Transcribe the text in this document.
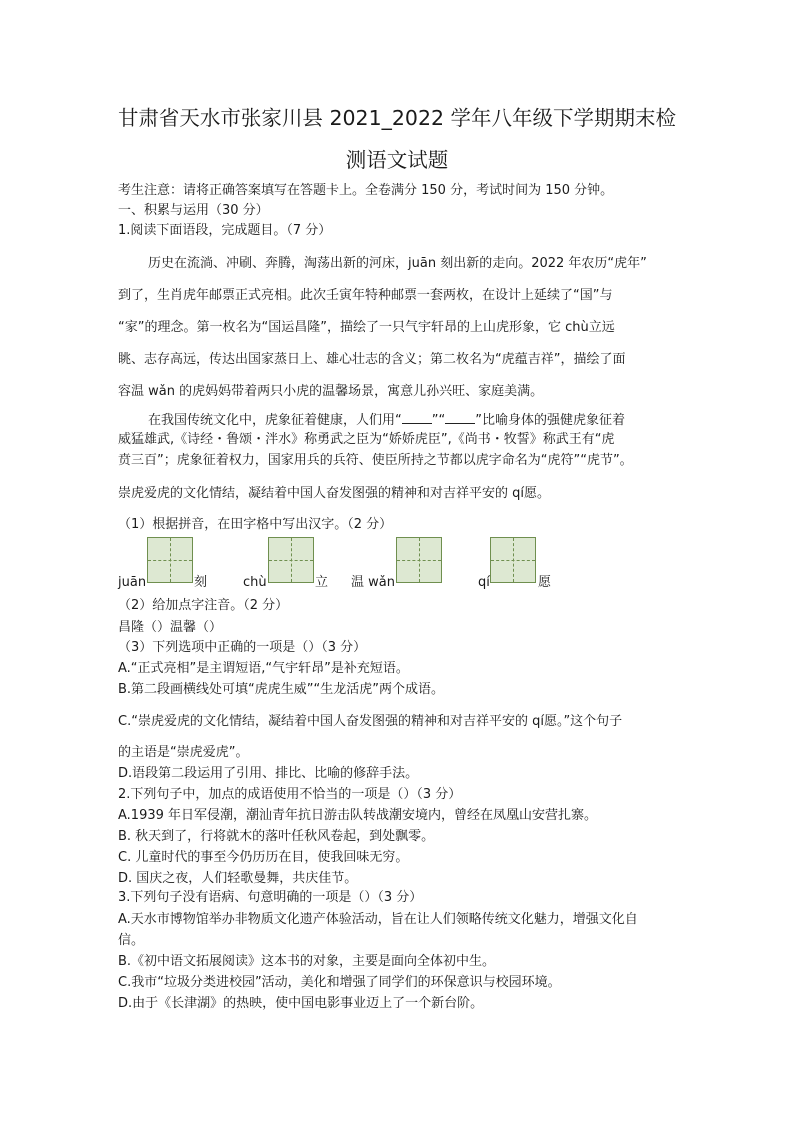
甘肃省天水市张家川县 2021_2022 学年八年级下学期期末检
测语文试题
考生注意：请将正确答案填写在答题卡上。全卷满分 150 分，考试时间为 150 分钟。
一、积累与运用（30 分）
1.阅读下面语段，完成题目。（7 分）
历史在流淌、冲刷、奔腾，淘荡出新的河床，juān 刻出新的走向。2022 年农历“虎年”
到了，生肖虎年邮票正式亮相。此次壬寅年特种邮票一套两枚，在设计上延续了“国”与
“家”的理念。第一枚名为“国运昌隆”，描绘了一只气宇轩昂的上山虎形象，它 chù立远
眺、志存高远，传达出国家蒸日上、雄心壮志的含义；第二枚名为“虎蕴吉祥”，描绘了面
容温 wǎn 的虎妈妈带着两只小虎的温馨场景，寓意儿孙兴旺、家庭美满。
在我国传统文化中，虎象征着健康，人们用“ ”“ ”比喻身体的强健虎象征着
威猛雄武,《诗经・鲁颂・泮水》称勇武之臣为“娇娇虎臣”,《尚书・牧誓》称武王有“虎
贲三百”；虎象征着权力，国家用兵的兵符、使臣所持之节都以虎字命名为“虎符”“虎节”。
崇虎爱虎的文化情结，凝结着中国人奋发图强的精神和对吉祥平安的 qí愿。
（1）根据拼音，在田字格中写出汉字。（2 分）
juān	刻	chù	立 温 wǎn	qí	愿
（2）给加点字注音。（2 分）
昌隆（）温馨（）
（3）下列选项中正确的一项是（）（3 分）
A.“正式亮相”是主谓短语,“气宇轩昂”是补充短语。
B.第二段画横线处可填“虎虎生威”“生龙活虎”两个成语。
C.“崇虎爱虎的文化情结，凝结着中国人奋发图强的精神和对吉祥平安的 qí愿。”这个句子
的主语是“崇虎爱虎”。
D.语段第二段运用了引用、排比、比喻的修辞手法。
2.下列句子中，加点的成语使用不恰当的一项是（）（3 分）
A.1939 年日军侵潮，潮汕青年抗日游击队转战潮安境内，曾经在凤凰山安营扎寨。
B. 秋天到了，行将就木的落叶任秋风卷起，到处飘零。
C. 儿童时代的事至今仍历历在目，使我回味无穷。
D. 国庆之夜，人们轻歌曼舞，共庆佳节。
3.下列句子没有语病、句意明确的一项是（）（3 分）
A.天水市博物馆举办非物质文化遗产体验活动，旨在让人们领略传统文化魅力，增强文化自
信。
B.《初中语文拓展阅读》这本书的对象，主要是面向全体初中生。
C.我市“垃圾分类进校园”活动，美化和增强了同学们的环保意识与校园环境。
D.由于《长津湖》的热映，使中国电影事业迈上了一个新台阶。
